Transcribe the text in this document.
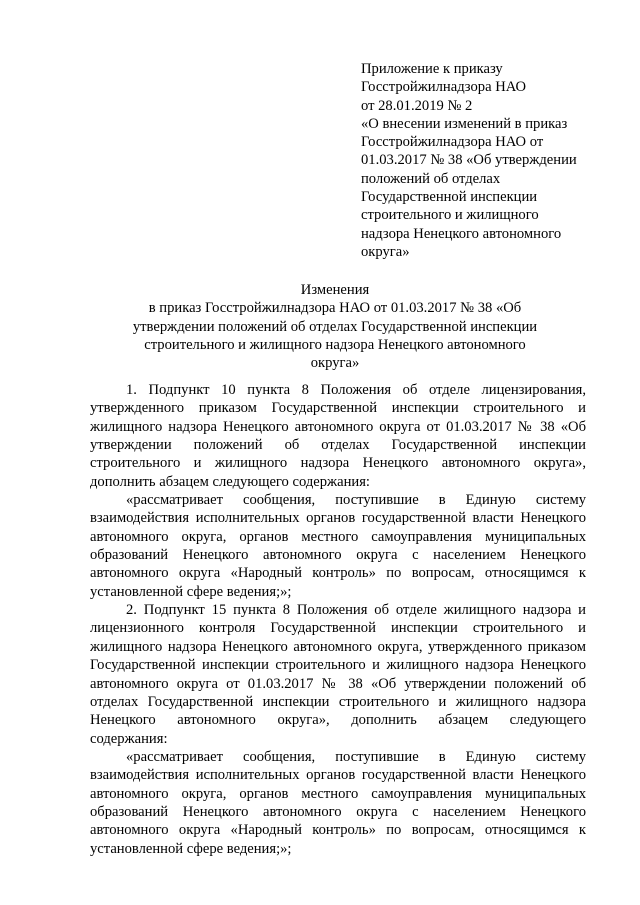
Приложение к приказу
Госстройжилнадзора НАО
от 28.01.2019 № 2
«О внесении изменений в приказ
Госстройжилнадзора НАО от
01.03.2017 № 38 «Об утверждении
положений об отделах
Государственной инспекции
строительного и жилищного
надзора Ненецкого автономного
округа»
Изменения
в приказ Госстройжилнадзора НАО от 01.03.2017 № 38 «Об
утверждении положений об отделах Государственной инспекции
строительного и жилищного надзора Ненецкого автономного
округа»
1. Подпункт 10 пункта 8 Положения об отделе лицензирования,
утвержденного приказом Государственной инспекции строительного и
жилищного надзора Ненецкого автономного округа от 01.03.2017 № 38 «Об
утверждении положений об отделах Государственной инспекции
строительного и жилищного надзора Ненецкого автономного округа»,
дополнить абзацем следующего содержания:
«рассматривает сообщения, поступившие в Единую систему
взаимодействия исполнительных органов государственной власти Ненецкого
автономного округа, органов местного самоуправления муниципальных
образований Ненецкого автономного округа с населением Ненецкого
автономного округа «Народный контроль» по вопросам, относящимся к
установленной сфере ведения;»;
2. Подпункт 15 пункта 8 Положения об отделе жилищного надзора и
лицензионного контроля Государственной инспекции строительного и
жилищного надзора Ненецкого автономного округа, утвержденного приказом
Государственной инспекции строительного и жилищного надзора Ненецкого
автономного округа от 01.03.2017 № 38 «Об утверждении положений об
отделах Государственной инспекции строительного и жилищного надзора
Ненецкого автономного округа», дополнить абзацем следующего
содержания:
«рассматривает сообщения, поступившие в Единую систему
взаимодействия исполнительных органов государственной власти Ненецкого
автономного округа, органов местного самоуправления муниципальных
образований Ненецкого автономного округа с населением Ненецкого
автономного округа «Народный контроль» по вопросам, относящимся к
установленной сфере ведения;»;
